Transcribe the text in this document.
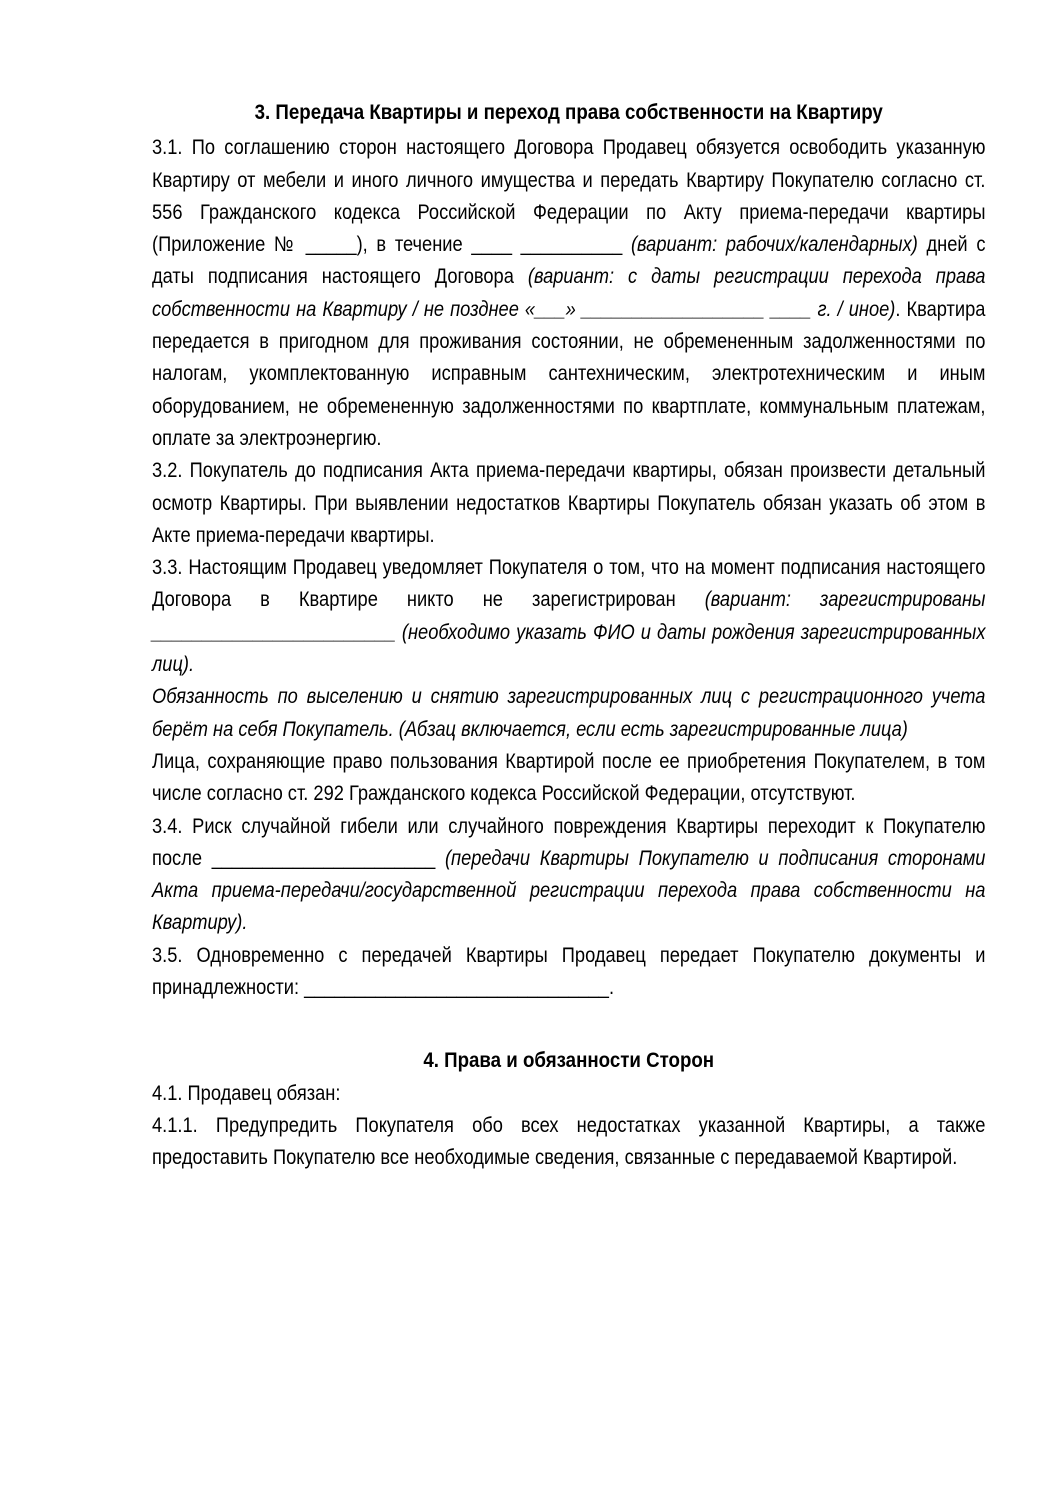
3. Передача Квартиры и переход права собственности на Квартиру

3.1. По соглашению сторон настоящего Договора Продавец обязуется освободить указанную Квартиру от мебели и иного личного имущества и передать Квартиру Покупателю согласно ст. 556 Гражданского кодекса Российской Федерации по Акту приема-передачи квартиры (Приложение № _____), в течение ____ __________ (вариант: рабочих/календарных) дней с даты подписания настоящего Договора (вариант: с даты регистрации перехода права собственности на Квартиру / не позднее «___» __________________ ____ г. / иное). Квартира передается в пригодном для проживания состоянии, не обремененным задолженностями по налогам, укомплектованную исправным сантехническим, электротехническим и иным оборудованием, не обремененную задолженностями по квартплате, коммунальным платежам, оплате за электроэнергию.

3.2. Покупатель до подписания Акта приема-передачи квартиры, обязан произвести детальный осмотр Квартиры. При выявлении недостатков Квартиры Покупатель обязан указать об этом в Акте приема-передачи квартиры.

3.3. Настоящим Продавец уведомляет Покупателя о том, что на момент подписания настоящего Договора в Квартире никто не зарегистрирован (вариант: зарегистрированы ________________________ (необходимо указать ФИО и даты рождения зарегистрированных лиц).

Обязанность по выселению и снятию зарегистрированных лиц с регистрационного учета берёт на себя Покупатель. (Абзац включается, если есть зарегистрированные лица)

Лица, сохраняющие право пользования Квартирой после ее приобретения Покупателем, в том числе согласно ст. 292 Гражданского кодекса Российской Федерации, отсутствуют.

3.4. Риск случайной гибели или случайного повреждения Квартиры переходит к Покупателю после ______________________ (передачи Квартиры Покупателю и подписания сторонами Акта приема-передачи/государственной регистрации перехода права собственности на Квартиру).

3.5. Одновременно с передачей Квартиры Продавец передает Покупателю документы и принадлежности: ______________________________.

4. Права и обязанности Сторон

4.1. Продавец обязан:

4.1.1. Предупредить Покупателя обо всех недостатках указанной Квартиры, а также предоставить Покупателю все необходимые сведения, связанные с передаваемой Квартирой.
